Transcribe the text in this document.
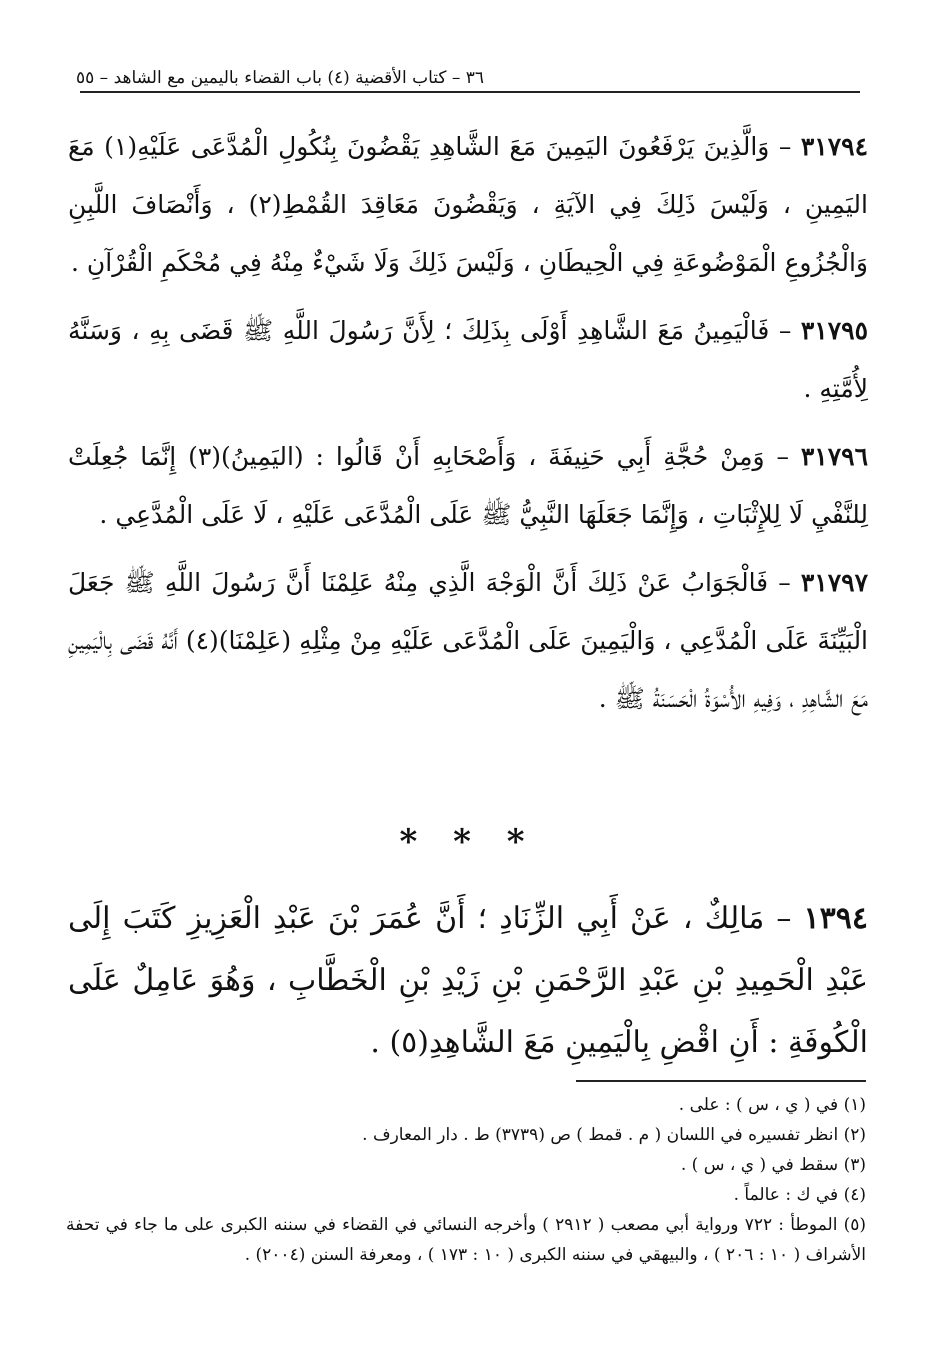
٣٦ – كتاب الأقضية (٤) باب القضاء باليمين مع الشاهد – ٥٥

٣١٧٩٤ – وَالَّذِينَ يَرْفَعُونَ اليَمِينَ مَعَ الشَّاهِدِ يَقْضُونَ بِنُكُولِ الْمُدَّعَى عَلَيْهِ(١) مَعَ اليَمِينِ ، وَلَيْسَ ذَلِكَ فِي الآيَةِ ، وَيَقْضُونَ مَعَاقِدَ القُمْطِ(٢) ، وَأَنْصَافَ اللَّبِنِ وَالْجُزُوعِ الْمَوْضُوعَةِ فِي الْحِيطَانِ ، وَلَيْسَ ذَلِكَ وَلَا شَيْءٌ مِنْهُ فِي مُحْكَمِ الْقُرْآنِ .

٣١٧٩٥ – فَالْيَمِينُ مَعَ الشَّاهِدِ أَوْلَى بِذَلِكَ ؛ لِأَنَّ رَسُولَ اللَّهِ ﷺ قَضَى بِهِ ، وَسَنَّهُ لِأُمَّتِهِ .

٣١٧٩٦ – وَمِنْ حُجَّةِ أَبِي حَنِيفَةَ ، وَأَصْحَابِهِ أَنْ قَالُوا : (اليَمِينُ)(٣) إِنَّمَا جُعِلَتْ لِلنَّفْيِ لَا لِلإِثْبَاتِ ، وَإِنَّمَا جَعَلَهَا النَّبِيُّ ﷺ عَلَى الْمُدَّعَى عَلَيْهِ ، لَا عَلَى الْمُدَّعِي .

٣١٧٩٧ – فَالْجَوَابُ عَنْ ذَلِكَ أَنَّ الْوَجْهَ الَّذِي مِنْهُ عَلِمْنَا أَنَّ رَسُولَ اللَّهِ ﷺ جَعَلَ الْبَيِّنَةَ عَلَى الْمُدَّعِي ، وَالْيَمِينَ عَلَى الْمُدَّعَى عَلَيْهِ مِنْ مِثْلِهِ (عَلِمْنَا)(٤) أَنَّهُ قَضَى بِالْيَمِينِ مَعَ الشَّاهِدِ ، وَفِيهِ الأُسْوَةُ الْحَسَنَةُ ﷺ .

* * *
١٣٩٤ – مَالِكٌ ، عَنْ أَبِي الزِّنَادِ ؛ أَنَّ عُمَرَ بْنَ عَبْدِ الْعَزِيزِ كَتَبَ إِلَى عَبْدِ الْحَمِيدِ بْنِ عَبْدِ الرَّحْمَنِ بْنِ زَيْدِ بْنِ الْخَطَّابِ ، وَهُوَ عَامِلٌ عَلَى الْكُوفَةِ : أَنِ اقْضِ بِالْيَمِينِ مَعَ الشَّاهِدِ(٥) .

(١) في ( ي ، س ) : على .

(٢) انظر تفسيره في اللسان ( م . قمط ) ص (٣٧٣٩) ط . دار المعارف .

(٣) سقط في ( ي ، س ) .

(٤) في ك : عالماً .

(٥) الموطأ : ٧٢٢ ورواية أبي مصعب ( ٢٩١٢ ) وأخرجه النسائي في القضاء في سننه الكبرى على ما جاء في تحفة الأشراف ( ١٠ : ٢٠٦ ) ، والبيهقي في سننه الكبرى ( ١٠ : ١٧٣ ) ، ومعرفة السنن (٢٠٠٤) .
